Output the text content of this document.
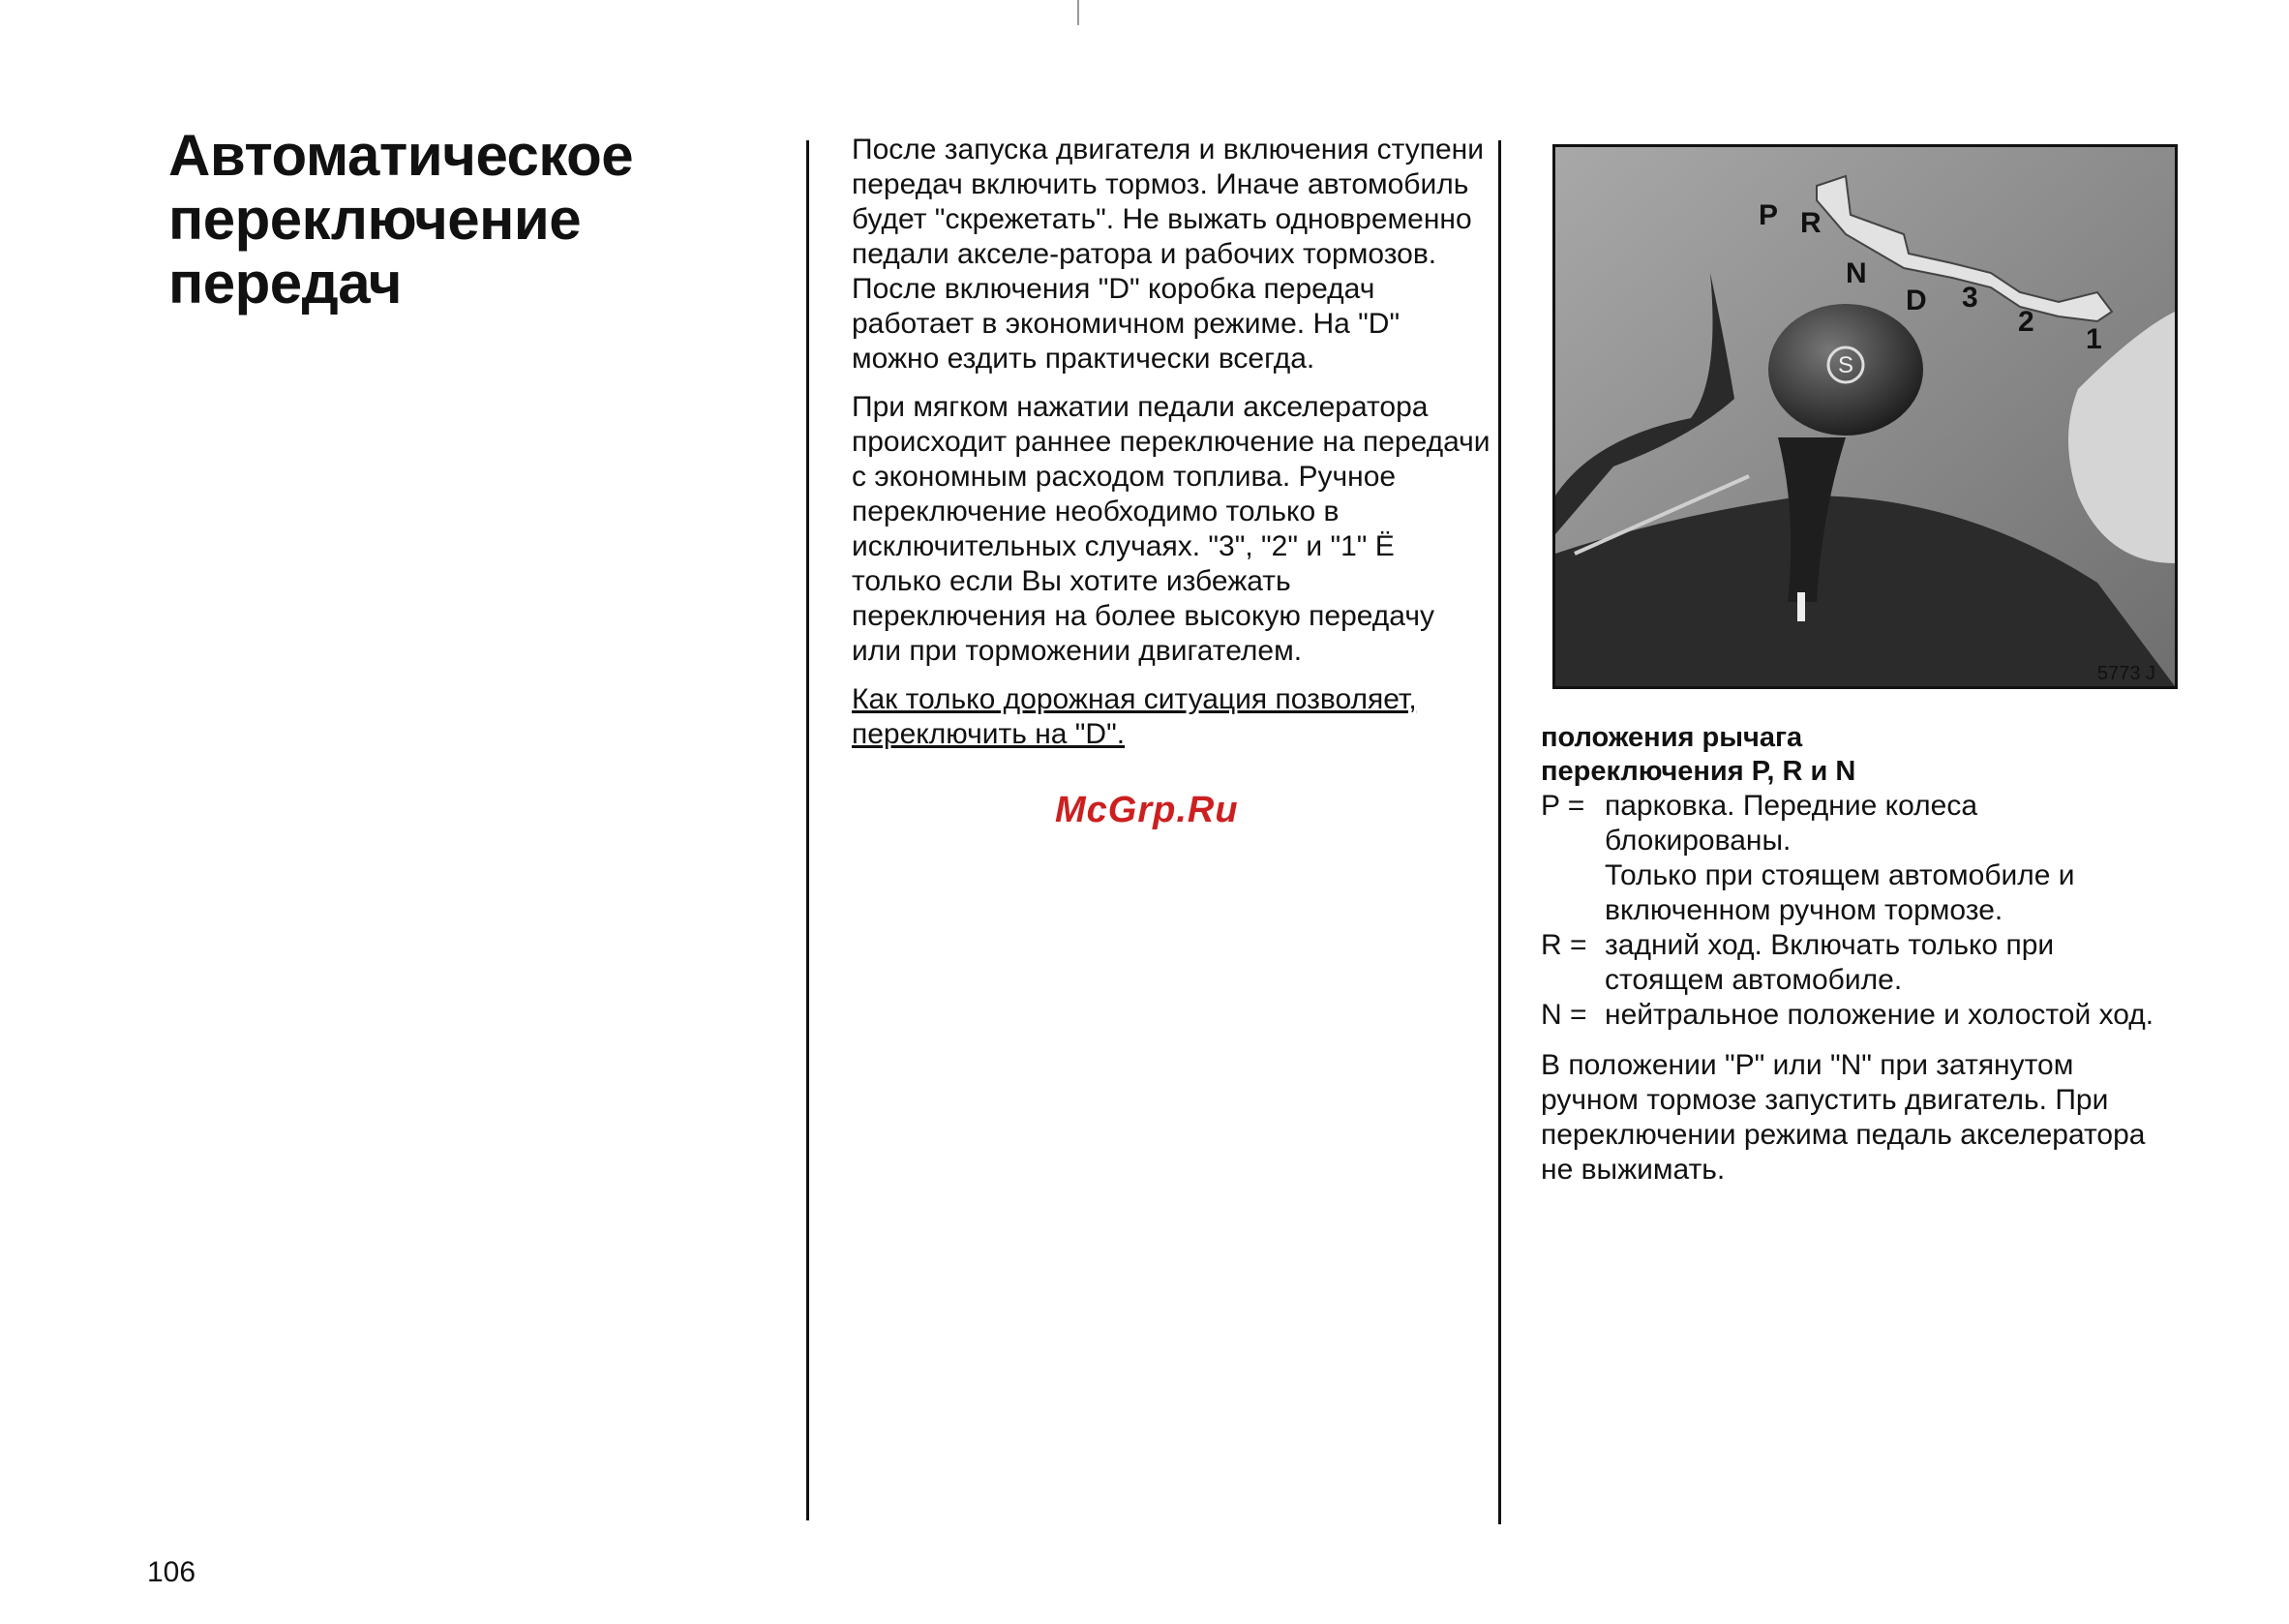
Автоматическое
переключение
передач

После запуска двигателя и включения ступени передач включить тормоз. Иначе автомобиль будет "скрежетать". Не выжать одновременно педали акселе-ратора и рабочих тормозов. После включения "D" коробка передач работает в экономичном режиме. На "D" можно ездить практически всегда.

При мягком нажатии педали акселератора происходит раннее переключение на передачи с экономным расходом топлива. Ручное переключение необходимо только в исключительных случаях. "3", "2" и "1" Ё только если Вы хотите избежать переключения на более высокую передачу или при торможении двигателем.

Как только дорожная ситуация позволяет, переключить на "D".

McGrp.Ru
S
P R
N
D 3
2
1
5773 J
положения рычага
переключения P, R и N
P = парковка. Передние колеса блокированы.
Только при стоящем автомобиле и включенном ручном тормозе.
R = задний ход. Включать только при стоящем автомобиле.
N = нейтральное положение и холостой ход.

В положении "P" или "N" при затянутом ручном тормозе запустить двигатель. При переключении режима педаль акселератора не выжимать.

106
